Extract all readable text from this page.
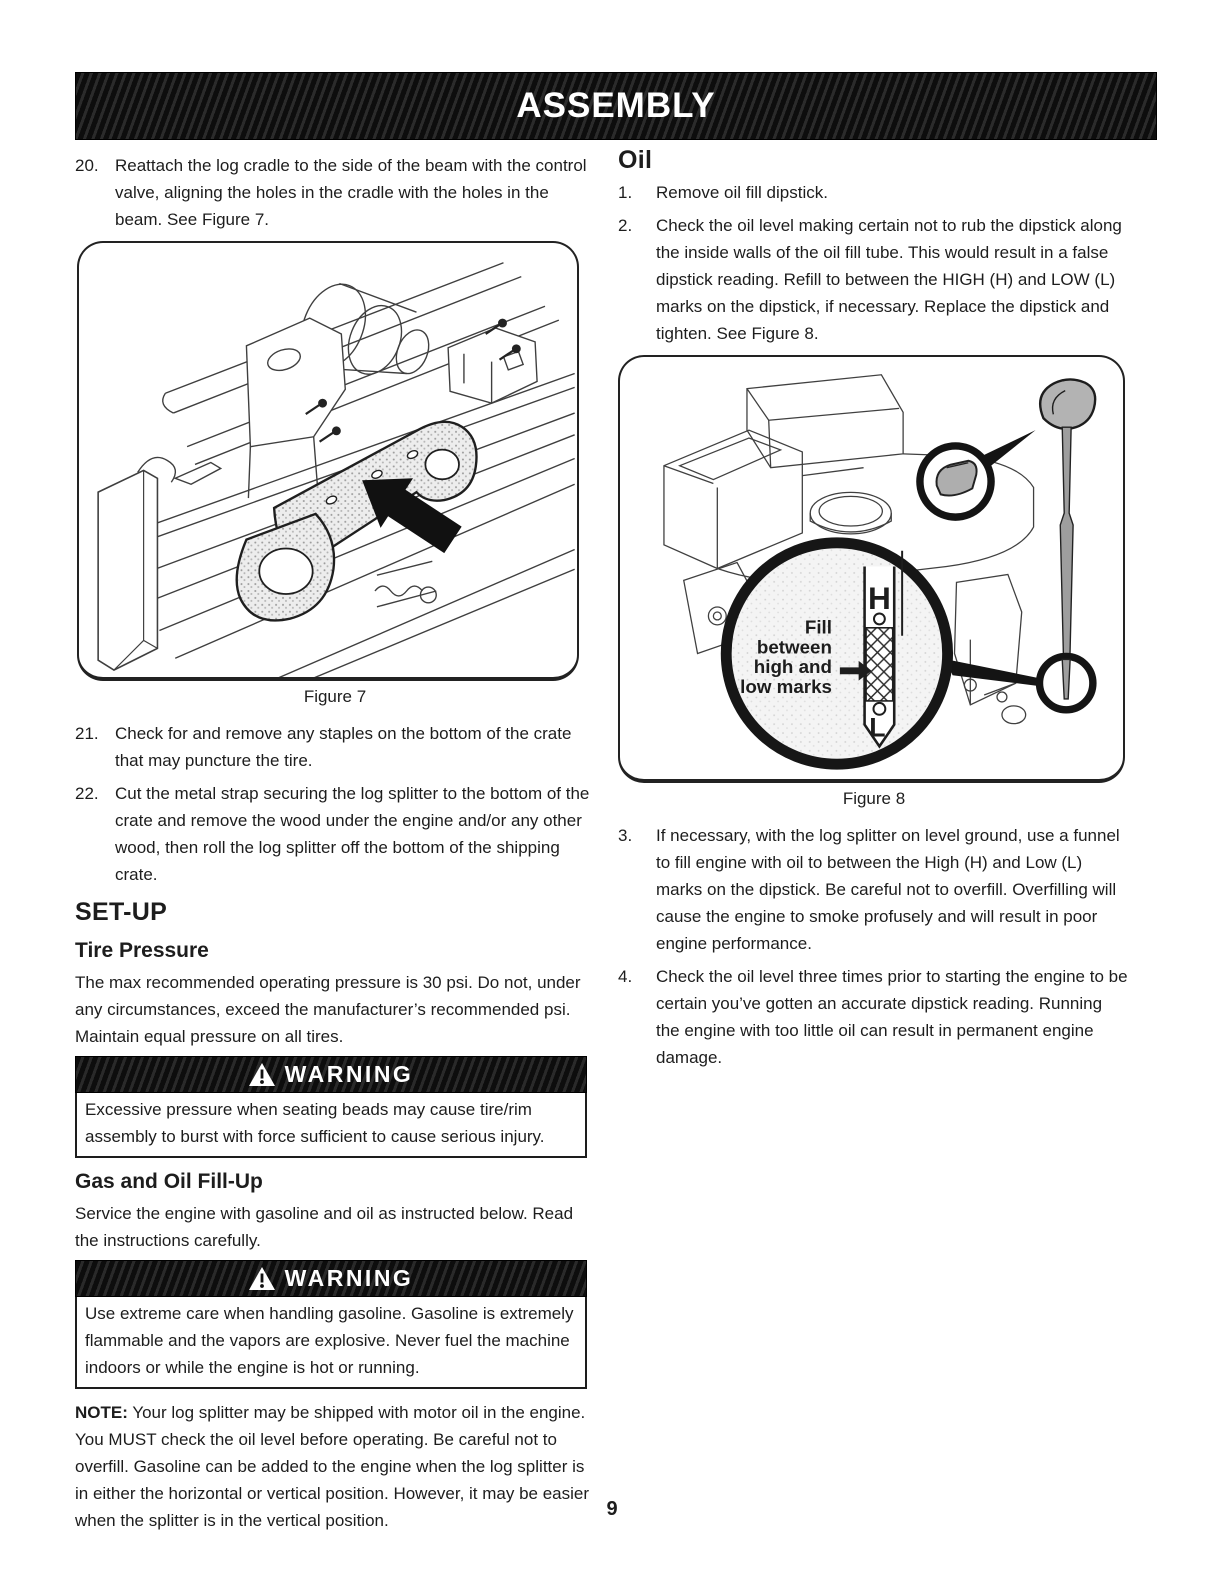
ASSEMBLY
20. Reattach the log cradle to the side of the beam with the control valve, aligning the holes in the cradle with the holes in the beam. See Figure 7.
Figure 7
21. Check for and remove any staples on the bottom of the crate that may puncture the tire.
22. Cut the metal strap securing the log splitter to the bottom of the crate and remove the wood under the engine and/or any other wood, then roll the log splitter off the bottom of the shipping crate.
SET-UP
Tire Pressure

The max recommended operating pressure is 30 psi. Do not, under any circumstances, exceed the manufacturer’s recommended psi. Maintain equal pressure on all tires.

WARNING
Excessive pressure when seating beads may cause tire/rim assembly to burst with force sufficient to cause serious injury.
Gas and Oil Fill-Up

Service the engine with gasoline and oil as instructed below. Read the instructions carefully.

WARNING
Use extreme care when handling gasoline. Gasoline is extremely flammable and the vapors are explosive. Never fuel the machine indoors or while the engine is hot or running.

NOTE: Your log splitter may be shipped with motor oil in the engine. You MUST check the oil level before operating. Be careful not to overfill. Gasoline can be added to the engine when the log splitter is in either the horizontal or vertical position. However, it may be easier when the splitter is in the vertical position.

Oil
1.	Remove oil fill dipstick.
2.	Check the oil level making certain not to rub the dipstick along the inside walls of the oil fill tube. This would result in a false dipstick reading. Refill to between the HIGH (H) and LOW (L) marks on the dipstick, if necessary. Replace the dipstick and tighten. See Figure 8.
H
L
Fill
between
high and
low marks
Figure 8
3.	If necessary, with the log splitter on level ground, use a funnel to fill engine with oil to between the High (H) and Low (L) marks on the dipstick. Be careful not to overfill. Overfilling will cause the engine to smoke profusely and will result in poor engine performance.
4.	Check the oil level three times prior to starting the engine to be certain you’ve gotten an accurate dipstick reading. Running the engine with too little oil can result in permanent engine damage.
9
